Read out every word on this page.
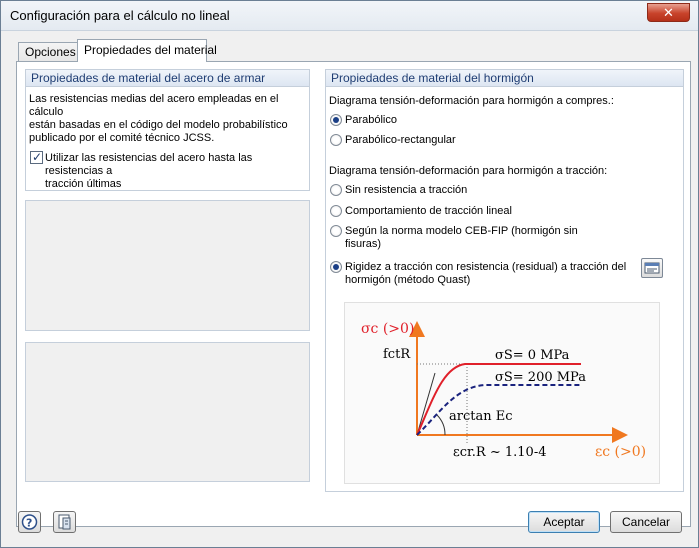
Configuración para el cálculo no lineal	✕
Opciones Propiedades del material
Propiedades de material del acero de armar
Las resistencias medias del acero empleadas en el cálculo
están basadas en el código del modelo probabilístico
publicado por el comité técnico JCSS.
✓
Utilizar las resistencias del acero hasta las resistencias a
tracción últimas
Propiedades de material del hormigón
Diagrama tensión-deformación para hormigón a compres.:
Parabólico
Parabólico-rectangular
Diagrama tensión-deformación para hormigón a tracción:
Sin resistencia a tracción
Comportamiento de tracción lineal
Según la norma modelo CEB-FIP (hormigón sin
fisuras)
Rigidez a tracción con resistencia (residual) a tracción del
hormigón (método Quast)
σc (>0)
fctR	σS= 0 MPa
σS= 200 MPa
arctan Ec
εcr.R ~ 1.10-4	εc (>0)
?	Aceptar	Cancelar
